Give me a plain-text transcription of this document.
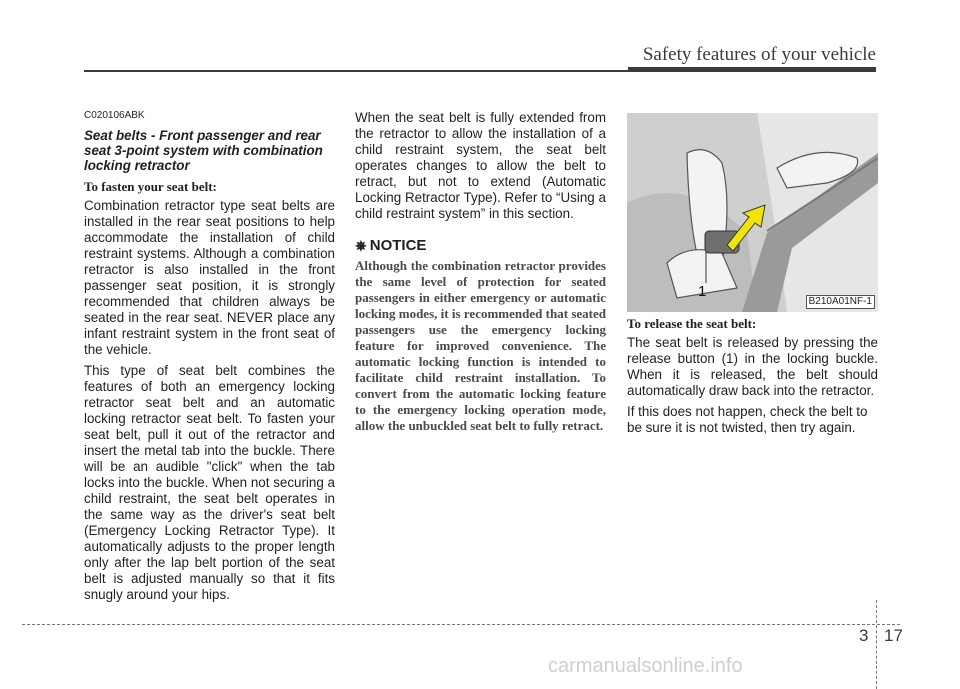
Safety features of your vehicle

C020106ABK

Seat belts - Front passenger and rear
seat 3-point system with combination
locking retractor

To fasten your seat belt:

Combination retractor type seat belts are installed in the rear seat positions to help accommodate the installation of child restraint systems. Although a combination retractor is also installed in the front passenger seat position, it is strongly recommended that children always be seated in the rear seat. NEVER place any infant restraint system in the front seat of the vehicle.

This type of seat belt combines the features of both an emergency locking retractor seat belt and an automatic locking retractor seat belt. To fasten your seat belt, pull it out of the retractor and insert the metal tab into the buckle. There will be an audible "click" when the tab locks into the buckle. When not securing a child restraint, the seat belt operates in the same way as the driver's seat belt (Emergency Locking Retractor Type). It automatically adjusts to the proper length only after the lap belt portion of the seat belt is adjusted manually so that it fits snugly around your hips.

When the seat belt is fully extended from the retractor to allow the installation of a child restraint system, the seat belt operates changes to allow the belt to retract, but not to extend (Automatic Locking Retractor Type). Refer to “Using a child restraint system” in this section.

✵ NOTICE

Although the combination retractor provides the same level of protection for seated passengers in either emergency or automatic locking modes, it is recommended that seated passengers use the emergency locking feature for improved convenience. The automatic locking function is intended to facilitate child restraint installation. To convert from the automatic locking feature to the emergency locking operation mode, allow the unbuckled seat belt to fully retract.

1
B210A01NF-1

To release the seat belt:

The seat belt is released by pressing the release button (1) in the locking buckle. When it is released, the belt should automatically draw back into the retractor.

If this does not happen, check the belt to be sure it is not twisted, then try again.

3 17
carmanualsonline.info
